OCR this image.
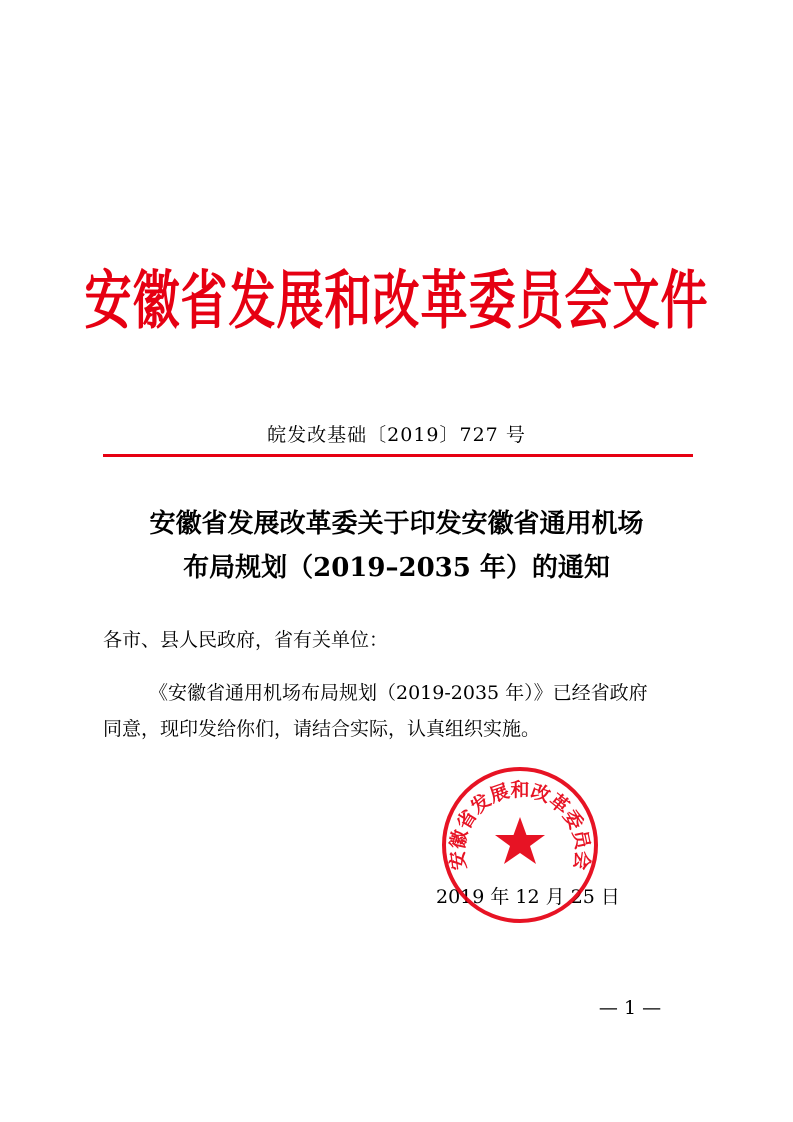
安徽省发展和改革委员会文件
皖发改基础〔2019〕727 号
安徽省发展改革委关于印发安徽省通用机场
布局规划（2019–2035 年）的通知
各市、县人民政府，省有关单位：
《安徽省通用机场布局规划（2019-2035 年）》已经省政府
同意，现印发给你们，请结合实际，认真组织实施。
2019 年 12 月 25 日
安徽省发展和改革委员会
— 1 —
